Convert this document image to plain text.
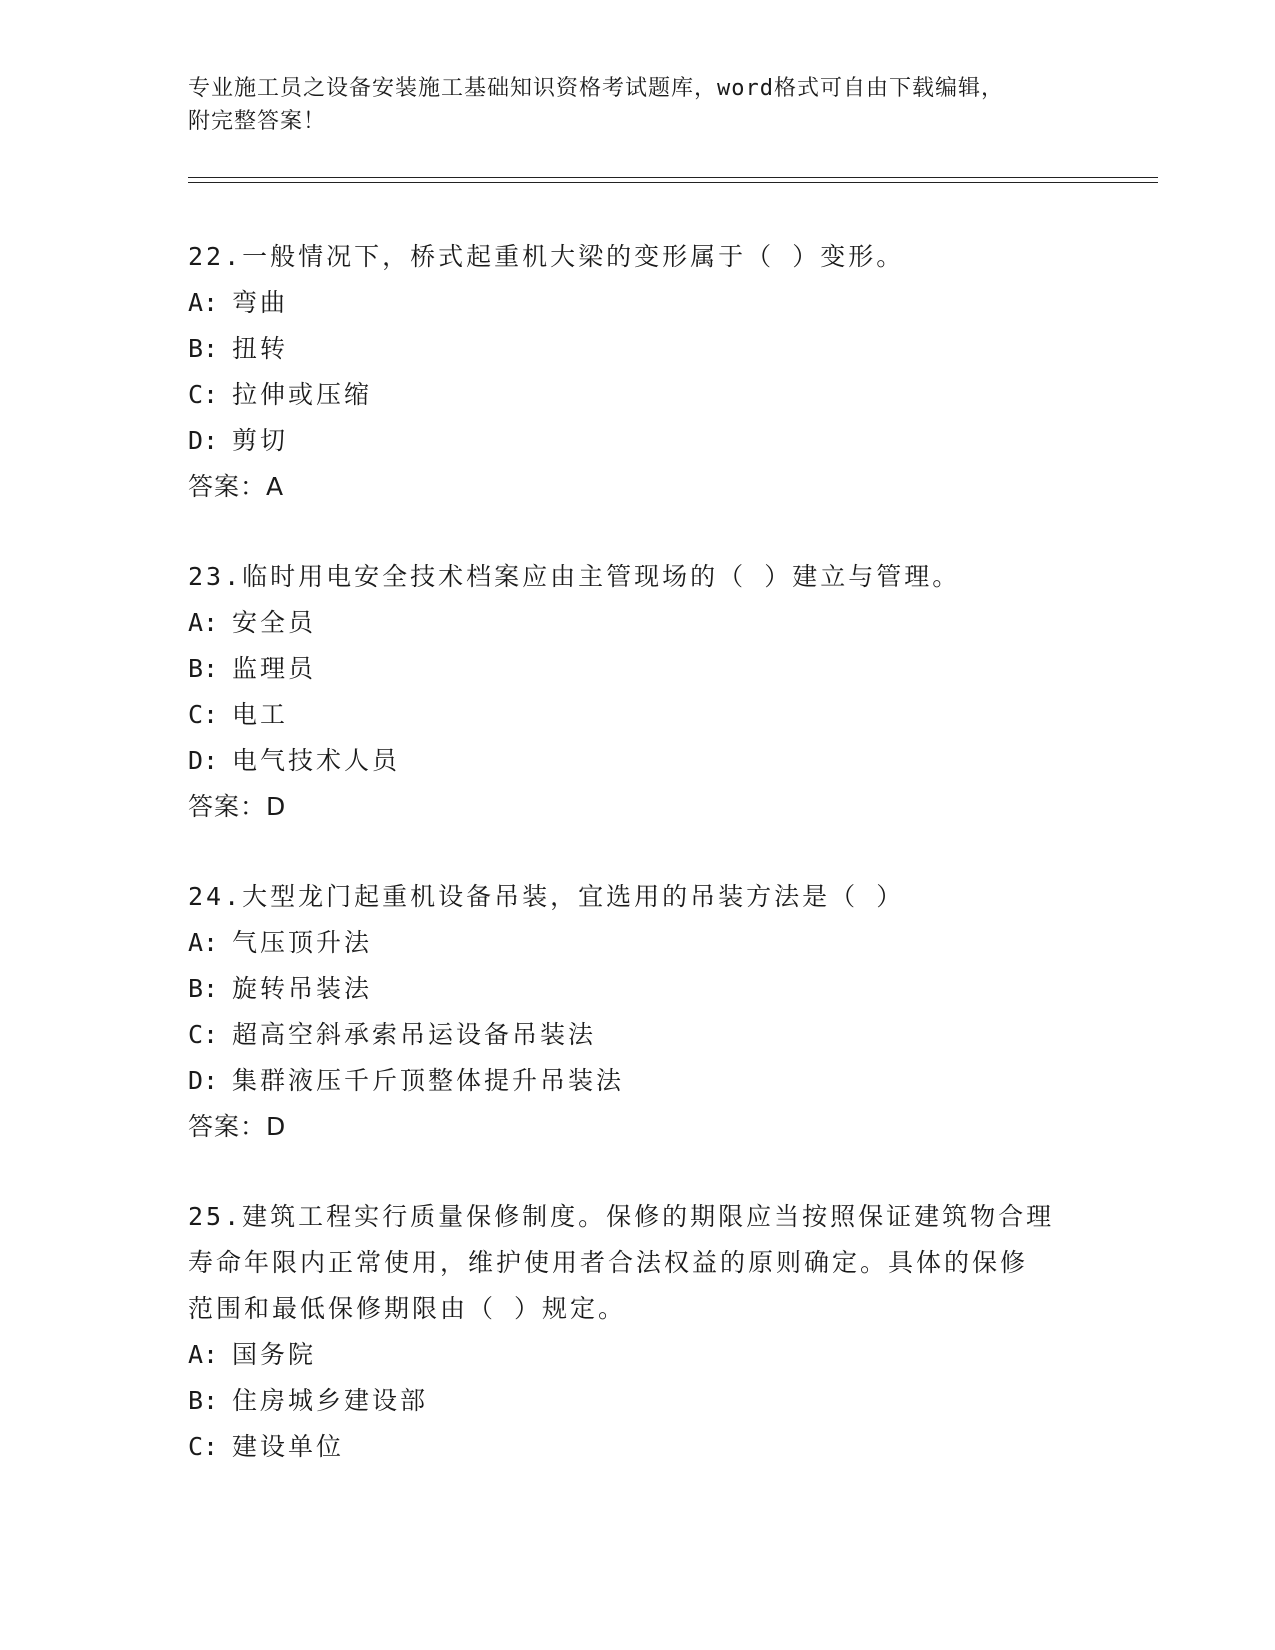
专业施工员之设备安装施工基础知识资格考试题库，word格式可自由下载编辑，
附完整答案！

22.一般情况下，桥式起重机大梁的变形属于（ ）变形。

A: 弯曲

B: 扭转

C: 拉伸或压缩

D: 剪切

答案：A

23.临时用电安全技术档案应由主管现场的（ ）建立与管理。

A: 安全员

B: 监理员

C: 电工

D: 电气技术人员

答案：D

24.大型龙门起重机设备吊装，宜选用的吊装方法是（ ）

A: 气压顶升法

B: 旋转吊装法

C: 超高空斜承索吊运设备吊装法

D: 集群液压千斤顶整体提升吊装法

答案：D

25.建筑工程实行质量保修制度。保修的期限应当按照保证建筑物合理

寿命年限内正常使用，维护使用者合法权益的原则确定。具体的保修

范围和最低保修期限由（ ）规定。

A: 国务院

B: 住房城乡建设部

C: 建设单位
